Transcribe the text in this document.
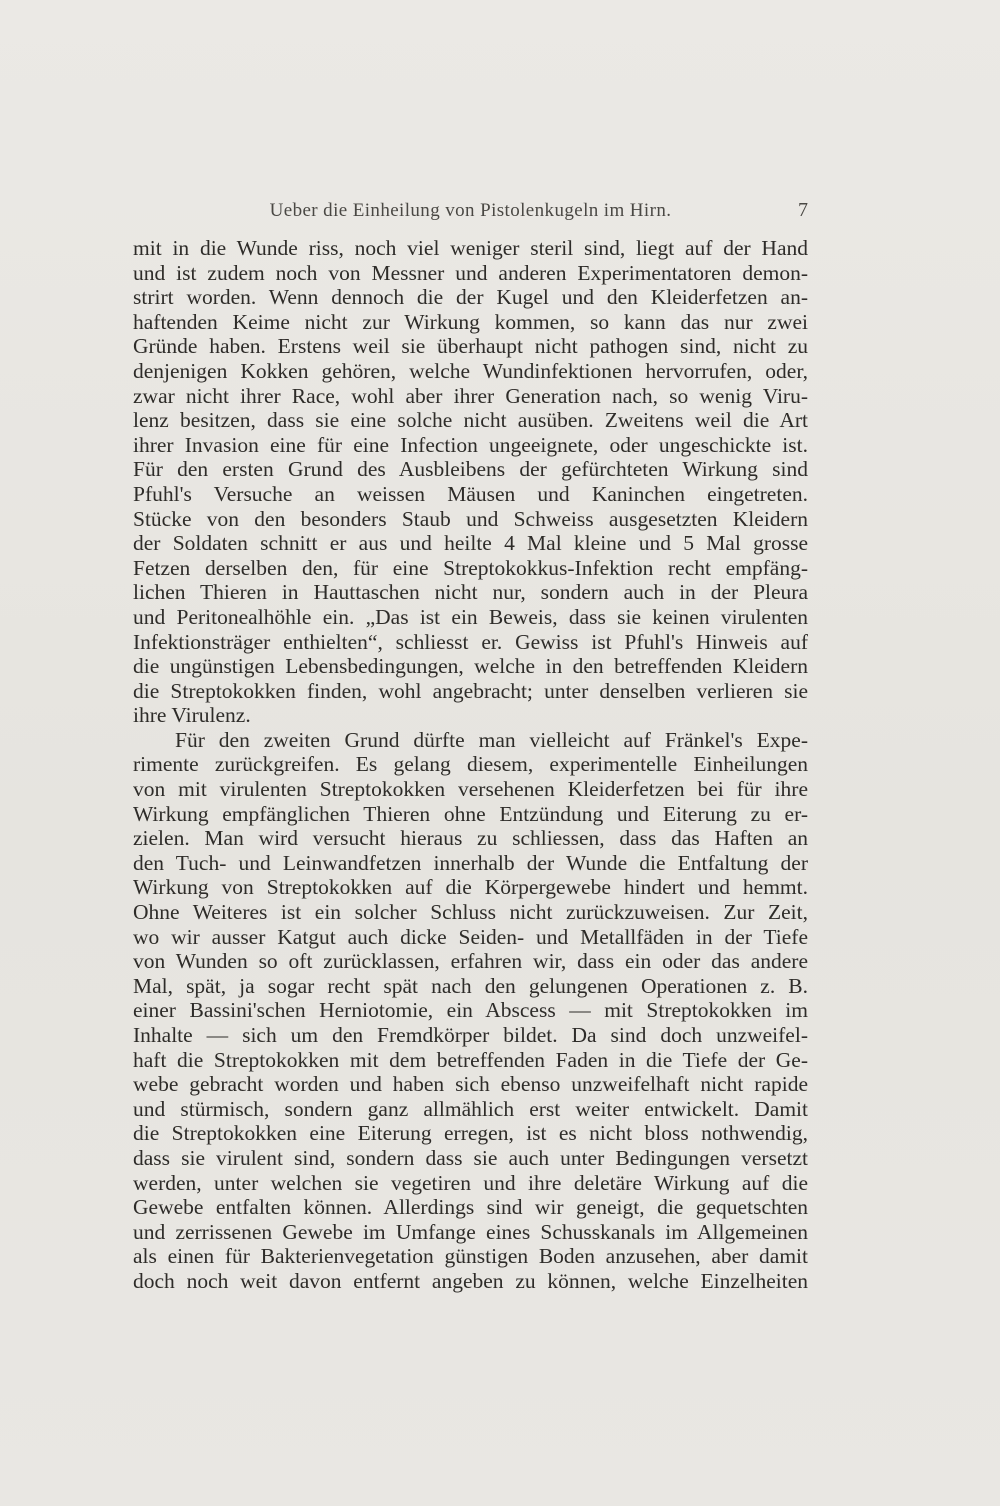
Ueber die Einheilung von Pistolenkugeln im Hirn.	7
mit in die Wunde riss, noch viel weniger steril sind, liegt auf der Hand
und ist zudem noch von Messner und anderen Experimentatoren demon-
strirt worden. Wenn dennoch die der Kugel und den Kleiderfetzen an-
haftenden Keime nicht zur Wirkung kommen, so kann das nur zwei
Gründe haben. Erstens weil sie überhaupt nicht pathogen sind, nicht zu
denjenigen Kokken gehören, welche Wundinfektionen hervorrufen, oder,
zwar nicht ihrer Race, wohl aber ihrer Generation nach, so wenig Viru-
lenz besitzen, dass sie eine solche nicht ausüben. Zweitens weil die Art
ihrer Invasion eine für eine Infection ungeeignete, oder ungeschickte ist.
Für den ersten Grund des Ausbleibens der gefürchteten Wirkung sind
Pfuhl's Versuche an weissen Mäusen und Kaninchen eingetreten.
Stücke von den besonders Staub und Schweiss ausgesetzten Kleidern
der Soldaten schnitt er aus und heilte 4 Mal kleine und 5 Mal grosse
Fetzen derselben den, für eine Streptokokkus-Infektion recht empfäng-
lichen Thieren in Hauttaschen nicht nur, sondern auch in der Pleura
und Peritonealhöhle ein. „Das ist ein Beweis, dass sie keinen virulenten
Infektionsträger enthielten“, schliesst er. Gewiss ist Pfuhl's Hinweis auf
die ungünstigen Lebensbedingungen, welche in den betreffenden Kleidern
die Streptokokken finden, wohl angebracht; unter denselben verlieren sie
ihre Virulenz.
Für den zweiten Grund dürfte man vielleicht auf Fränkel's Expe-
rimente zurückgreifen. Es gelang diesem, experimentelle Einheilungen
von mit virulenten Streptokokken versehenen Kleiderfetzen bei für ihre
Wirkung empfänglichen Thieren ohne Entzündung und Eiterung zu er-
zielen. Man wird versucht hieraus zu schliessen, dass das Haften an
den Tuch- und Leinwandfetzen innerhalb der Wunde die Entfaltung der
Wirkung von Streptokokken auf die Körpergewebe hindert und hemmt.
Ohne Weiteres ist ein solcher Schluss nicht zurückzuweisen. Zur Zeit,
wo wir ausser Katgut auch dicke Seiden- und Metallfäden in der Tiefe
von Wunden so oft zurücklassen, erfahren wir, dass ein oder das andere
Mal, spät, ja sogar recht spät nach den gelungenen Operationen z. B.
einer Bassini'schen Herniotomie, ein Abscess — mit Streptokokken im
Inhalte — sich um den Fremdkörper bildet. Da sind doch unzweifel-
haft die Streptokokken mit dem betreffenden Faden in die Tiefe der Ge-
webe gebracht worden und haben sich ebenso unzweifelhaft nicht rapide
und stürmisch, sondern ganz allmählich erst weiter entwickelt. Damit
die Streptokokken eine Eiterung erregen, ist es nicht bloss nothwendig,
dass sie virulent sind, sondern dass sie auch unter Bedingungen versetzt
werden, unter welchen sie vegetiren und ihre deletäre Wirkung auf die
Gewebe entfalten können. Allerdings sind wir geneigt, die gequetschten
und zerrissenen Gewebe im Umfange eines Schusskanals im Allgemeinen
als einen für Bakterienvegetation günstigen Boden anzusehen, aber damit
doch noch weit davon entfernt angeben zu können, welche Einzelheiten
